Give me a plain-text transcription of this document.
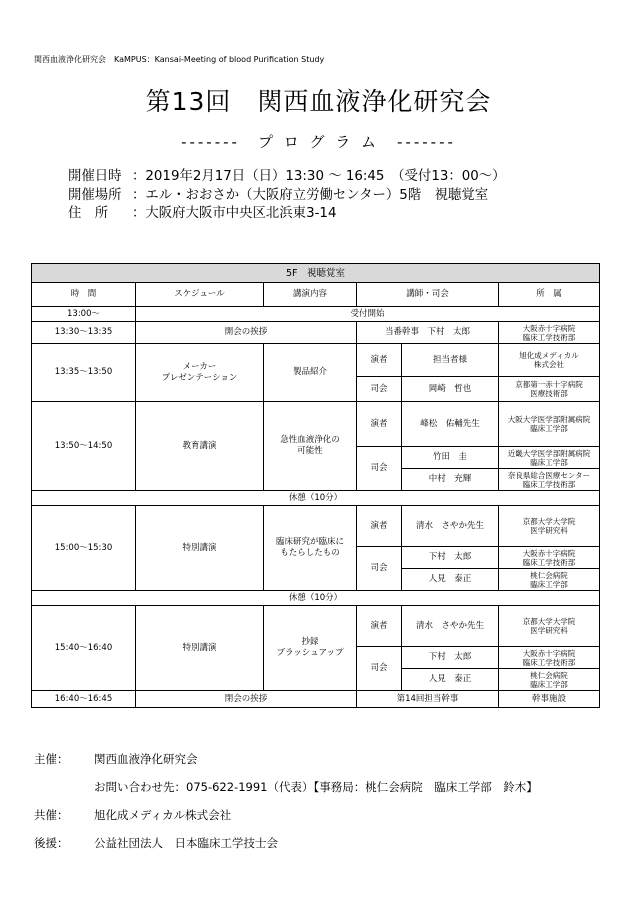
関西血液浄化研究会　KaMPUS：Kansai-Meeting of blood Purification Study
第13回　関西血液浄化研究会
-------　プ ロ グ ラ ム　-------
開催日時 ：2019年2月17日（日）13:30 ～ 16:45　（受付13：00～）
開催場所 ：エル・おおさか（大阪府立労働センター）5階　視聴覚室
住　所	：大阪府大阪市中央区北浜東3-14
5F　視聴覚室					
時　間	スケジュール	講演内容	講師・司会		所　属
13:00～	受付開始				
13:30～13:35	開会の挨拶		当番幹事　下村　太郎		大阪赤十字病院
臨床工学技術部
13:35～13:50	メーカー
プレゼンテーション	製品紹介	演者	担当者様	旭化成メディカル
株式会社
			司会	岡崎　哲也	京都第一赤十字病院
医療技術部
13:50～14:50	教育講演	急性血液浄化の
可能性	演者	峰松　佑輔先生	大阪大学医学部附属病院
臨床工学部
			司会	竹田　圭	近畿大学医学部附属病院
臨床工学部
				中村　充輝	奈良県総合医療センター
臨床工学技術部
休憩（10分）					
15:00～15:30	特別講演	臨床研究が臨床に
もたらしたもの	演者	清水　さやか先生	京都大学大学院
医学研究科
			司会	下村　太郎	大阪赤十字病院
臨床工学技術部
				人見　泰正	桃仁会病院
臨床工学部
休憩（10分）					
15:40～16:40	特別講演	抄録
ブラッシュアップ	演者	清水　さやか先生	京都大学大学院
医学研究科
			司会	下村　太郎	大阪赤十字病院
臨床工学技術部
				人見　泰正	桃仁会病院
臨床工学部
16:40～16:45	閉会の挨拶		第14回担当幹事		幹事施設
主催： 関西血液浄化研究会
お問い合わせ先：075-622-1991（代表）【事務局：桃仁会病院　臨床工学部　鈴木】
共催： 旭化成メディカル株式会社
後援： 公益社団法人　日本臨床工学技士会
